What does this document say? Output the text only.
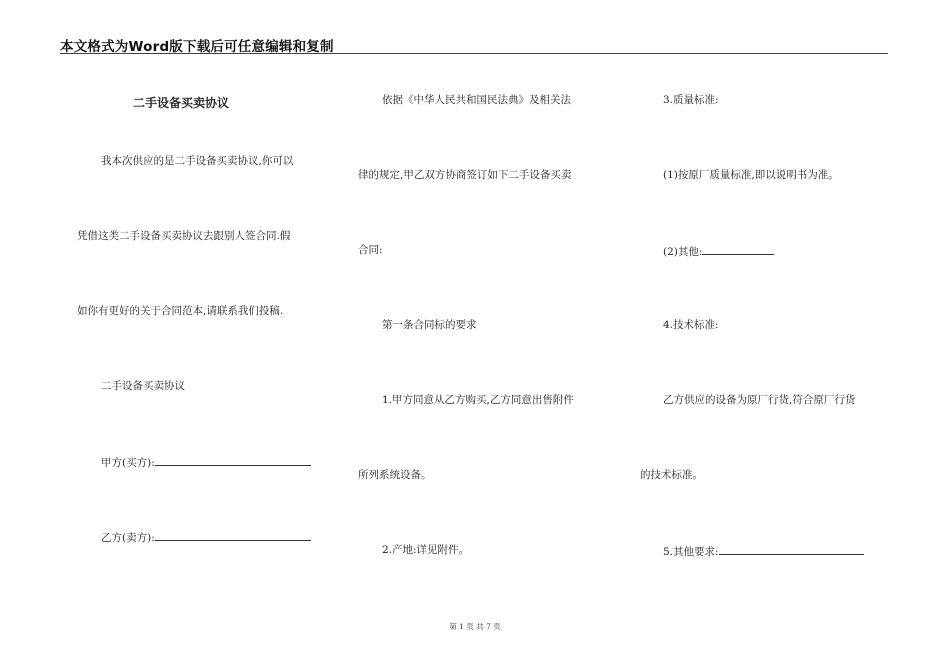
本文格式为Word版下载后可任意编辑和复制
二手设备买卖协议
我本次供应的是二手设备买卖协议,你可以
凭借这类二手设备买卖协议去跟别人签合同.假
如你有更好的关于合同范本,请联系我们投稿.
二手设备买卖协议
甲方(买方):
乙方(卖方):
依据《中华人民共和国民法典》及相关法
律的规定,甲乙双方协商签订如下二手设备买卖
合同:
第一条合同标的要求
1.甲方同意从乙方购买,乙方同意出售附件
所列系统设备。
2.产地:详见附件。
3.质量标准:
(1)按原厂质量标准,即以说明书为准。
(2)其他:
4.技术标准:
乙方供应的设备为原厂行货,符合原厂行货
的技术标准。
5.其他要求:
第 1 页 共 7 页
